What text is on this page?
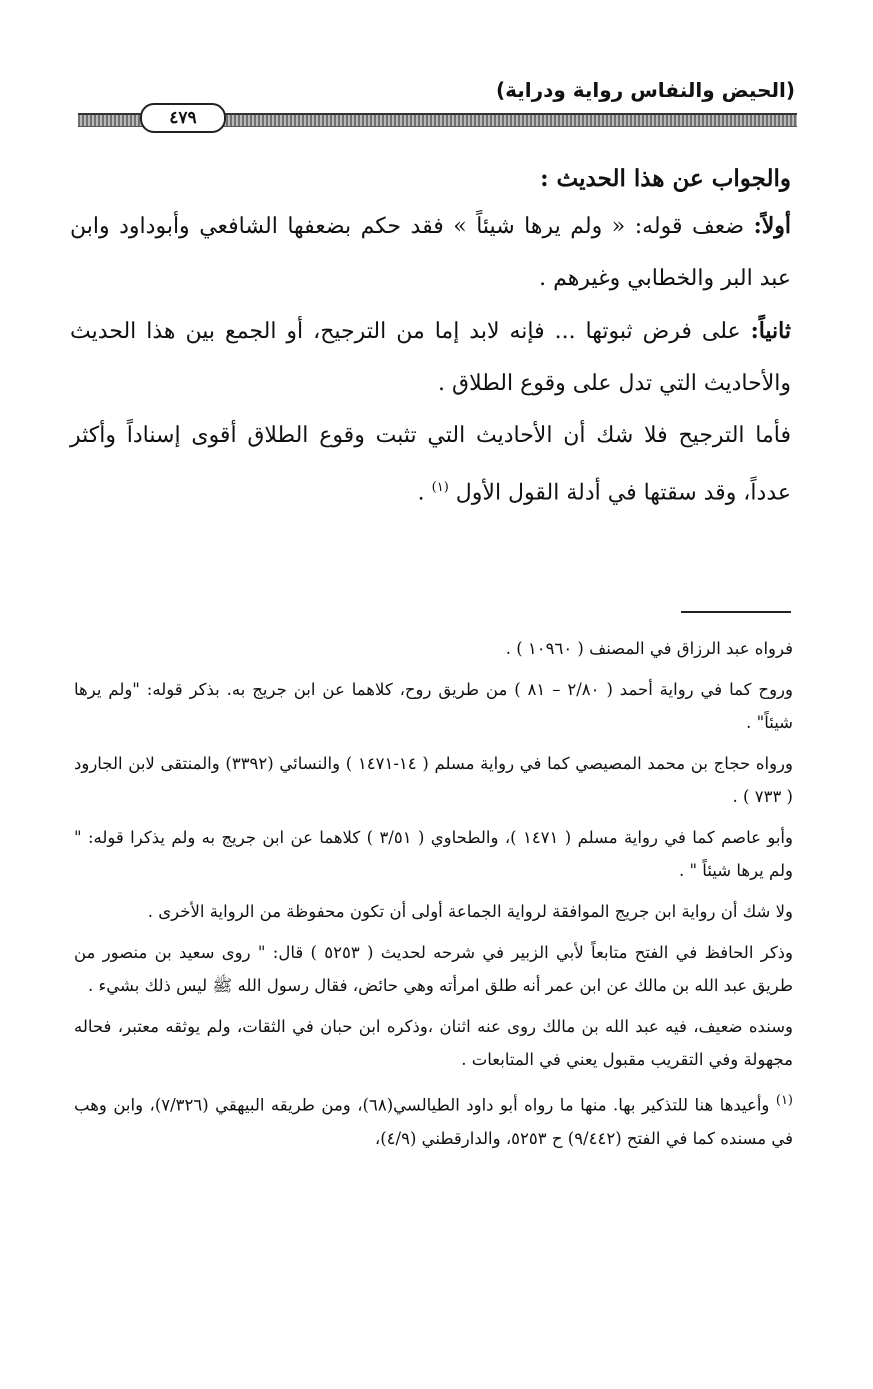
(الحيض والنفاس رواية ودراية)
٤٧٩

والجواب عن هذا الحديث :

أولاً: ضعف قوله: « ولم يرها شيئاً » فقد حكم بضعفها الشافعي وأبوداود وابن عبد البر والخطابي وغيرهم .

ثانياً: على فرض ثبوتها ... فإنه لابد إما من الترجيح، أو الجمع بين هذا الحديث والأحاديث التي تدل على وقوع الطلاق .

فأما الترجيح فلا شك أن الأحاديث التي تثبت وقوع الطلاق أقوى إسناداً وأكثر عدداً، وقد سقتها في أدلة القول الأول $^{(١)}$ .

فرواه عبد الرزاق في المصنف ( ١٠٩٦٠ ) .

وروح كما في رواية أحمد ( ٢/٨٠ – ٨١ ) من طريق روح، كلاهما عن ابن جريج به. بذكر قوله: "ولم يرها شيئاً" .

ورواه حجاج بن محمد المصيصي كما في رواية مسلم ( ١٤-١٤٧١ ) والنسائي (٣٣٩٢) والمنتقى لابن الجارود ( ٧٣٣ ) .

وأبو عاصم كما في رواية مسلم ( ١٤٧١ )، والطحاوي ( ٣/٥١ ) كلاهما عن ابن جريج به ولم يذكرا قوله: " ولم يرها شيئاً " .

ولا شك أن رواية ابن جريج الموافقة لرواية الجماعة أولى أن تكون محفوظة من الرواية الأخرى .

وذكر الحافظ في الفتح متابعاً لأبي الزبير في شرحه لحديث ( ٥٢٥٣ ) قال: " روى سعيد بن منصور من طريق عبد الله بن مالك عن ابن عمر أنه طلق امرأته وهي حائض، فقال رسول الله ﷺ ليس ذلك بشيء .

وسنده ضعيف، فيه عبد الله بن مالك روى عنه اثنان ،وذكره ابن حبان في الثقات، ولم يوثقه معتبر، فحاله مجهولة وفي التقريب مقبول يعني في المتابعات .

$^{(١)}$ وأعيدها هنا للتذكير بها. منها ما رواه أبو داود الطيالسي(٦٨)، ومن طريقه البيهقي (٧/٣٢٦)، وابن وهب في مسنده كما في الفتح (٩/٤٤٢) ح ٥٢٥٣، والدارقطني (٤/٩)،
